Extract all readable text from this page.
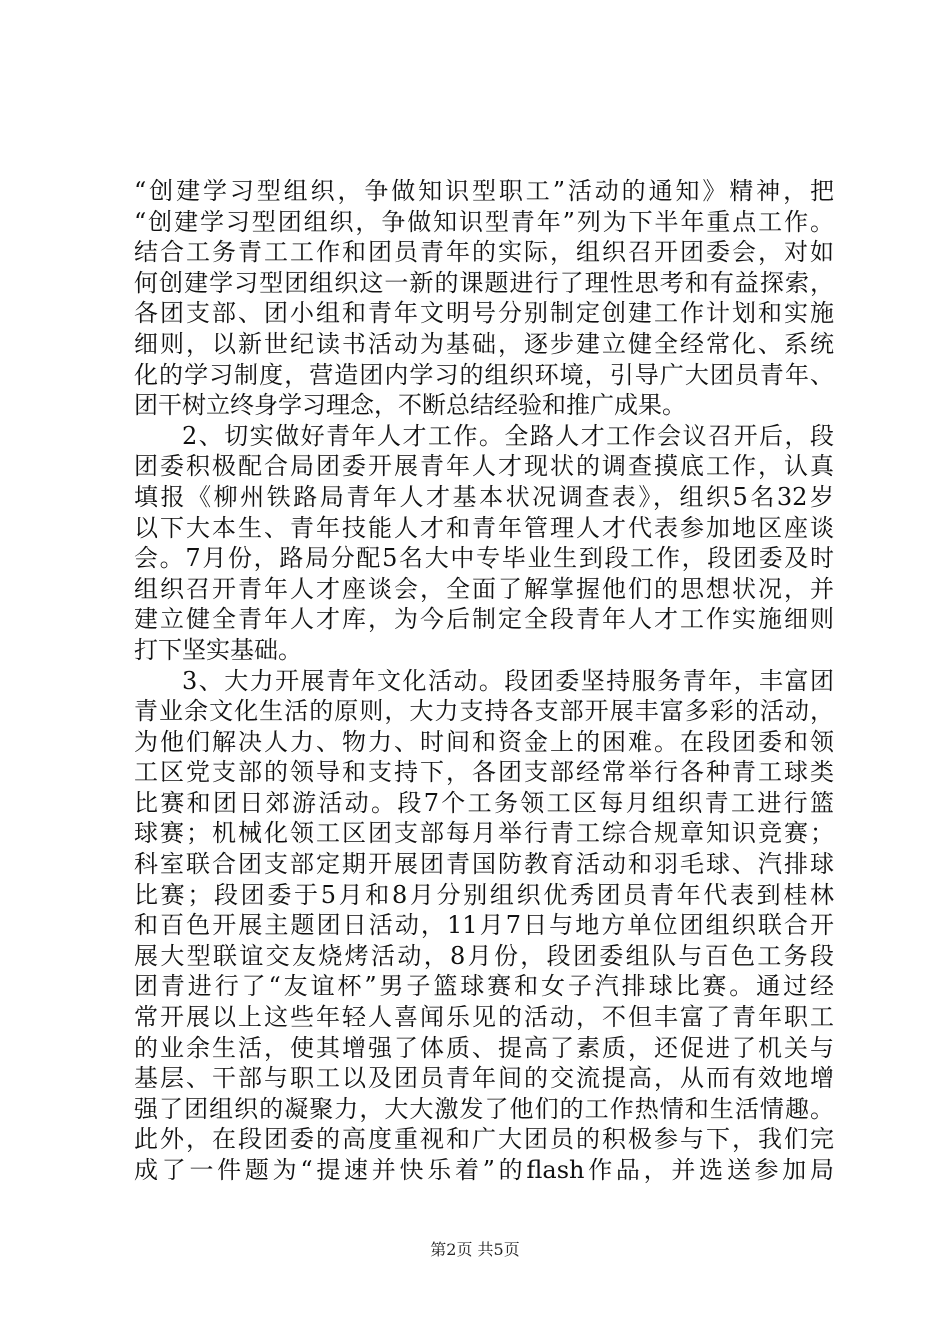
“创建学习型组织，争做知识型职工”活动的通知》精神，把
“创建学习型团组织，争做知识型青年”列为下半年重点工作。
结合工务青工工作和团员青年的实际，组织召开团委会，对如
何创建学习型团组织这一新的课题进行了理性思考和有益探索，
各团支部、团小组和青年文明号分别制定创建工作计划和实施
细则，以新世纪读书活动为基础，逐步建立健全经常化、系统
化的学习制度，营造团内学习的组织环境，引导广大团员青年、
团干树立终身学习理念，不断总结经验和推广成果。
2、切实做好青年人才工作。全路人才工作会议召开后，段
团委积极配合局团委开展青年人才现状的调查摸底工作，认真
填报《柳州铁路局青年人才基本状况调查表》，组织5名32岁
以下大本生、青年技能人才和青年管理人才代表参加地区座谈
会。7月份，路局分配5名大中专毕业生到段工作，段团委及时
组织召开青年人才座谈会，全面了解掌握他们的思想状况，并
建立健全青年人才库，为今后制定全段青年人才工作实施细则
打下坚实基础。
3、大力开展青年文化活动。段团委坚持服务青年，丰富团
青业余文化生活的原则，大力支持各支部开展丰富多彩的活动，
为他们解决人力、物力、时间和资金上的困难。在段团委和领
工区党支部的领导和支持下，各团支部经常举行各种青工球类
比赛和团日郊游活动。段7个工务领工区每月组织青工进行篮
球赛；机械化领工区团支部每月举行青工综合规章知识竞赛；
科室联合团支部定期开展团青国防教育活动和羽毛球、汽排球
比赛；段团委于5月和8月分别组织优秀团员青年代表到桂林
和百色开展主题团日活动，11月7日与地方单位团组织联合开
展大型联谊交友烧烤活动，8月份，段团委组队与百色工务段
团青进行了“友谊杯”男子篮球赛和女子汽排球比赛。通过经
常开展以上这些年轻人喜闻乐见的活动，不但丰富了青年职工
的业余生活，使其增强了体质、提高了素质，还促进了机关与
基层、干部与职工以及团员青年间的交流提高，从而有效地增
强了团组织的凝聚力，大大激发了他们的工作热情和生活情趣。
此外，在段团委的高度重视和广大团员的积极参与下，我们完
成了一件题为“提速并快乐着”的flash作品，并选送参加局
第2页 共5页
